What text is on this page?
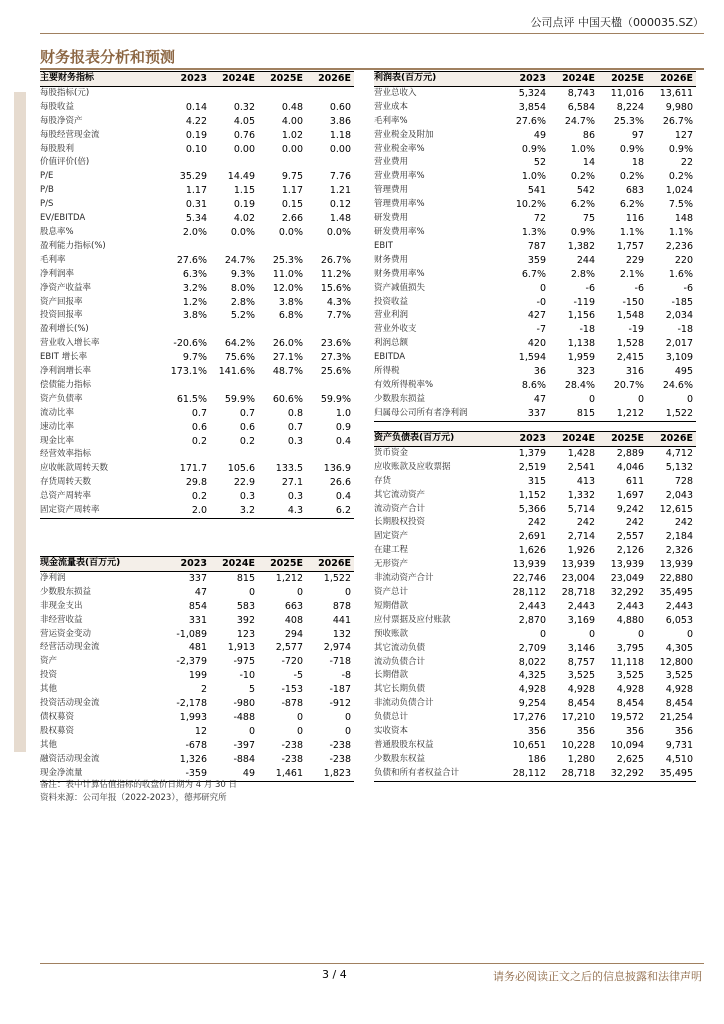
公司点评 中国天楹（000035.SZ）
财务报表分析和预测
主要财务指标	2023	2024E	2025E	2026E
每股指标(元)				
每股收益	0.14	0.32	0.48	0.60
每股净资产	4.22	4.05	4.00	3.86
每股经营现金流	0.19	0.76	1.02	1.18
每股股利	0.10	0.00	0.00	0.00
价值评价(倍)				
P/E	35.29	14.49	9.75	7.76
P/B	1.17	1.15	1.17	1.21
P/S	0.31	0.19	0.15	0.12
EV/EBITDA	5.34	4.02	2.66	1.48
股息率%	2.0%	0.0%	0.0%	0.0%
盈利能力指标(%)				
毛利率	27.6%	24.7%	25.3%	26.7%
净利润率	6.3%	9.3%	11.0%	11.2%
净资产收益率	3.2%	8.0%	12.0%	15.6%
资产回报率	1.2%	2.8%	3.8%	4.3%
投资回报率	3.8%	5.2%	6.8%	7.7%
盈利增长(%)				
营业收入增长率	-20.6%	64.2%	26.0%	23.6%
EBIT 增长率	9.7%	75.6%	27.1%	27.3%
净利润增长率	173.1%	141.6%	48.7%	25.6%
偿债能力指标				
资产负债率	61.5%	59.9%	60.6%	59.9%
流动比率	0.7	0.7	0.8	1.0
速动比率	0.6	0.6	0.7	0.9
现金比率	0.2	0.2	0.3	0.4
经营效率指标				
应收帐款周转天数	171.7	105.6	133.5	136.9
存货周转天数	29.8	22.9	27.1	26.6
总资产周转率	0.2	0.3	0.3	0.4
固定资产周转率	2.0	3.2	4.3	6.2
利润表(百万元)	2023	2024E	2025E	2026E
营业总收入	5,324	8,743	11,016	13,611
营业成本	3,854	6,584	8,224	9,980
毛利率%	27.6%	24.7%	25.3%	26.7%
营业税金及附加	49	86	97	127
营业税金率%	0.9%	1.0%	0.9%	0.9%
营业费用	52	14	18	22
营业费用率%	1.0%	0.2%	0.2%	0.2%
管理费用	541	542	683	1,024
管理费用率%	10.2%	6.2%	6.2%	7.5%
研发费用	72	75	116	148
研发费用率%	1.3%	0.9%	1.1%	1.1%
EBIT	787	1,382	1,757	2,236
财务费用	359	244	229	220
财务费用率%	6.7%	2.8%	2.1%	1.6%
资产减值损失	0	-6	-6	-6
投资收益	-0	-119	-150	-185
营业利润	427	1,156	1,548	2,034
营业外收支	-7	-18	-19	-18
利润总额	420	1,138	1,528	2,017
EBITDA	1,594	1,959	2,415	3,109
所得税	36	323	316	495
有效所得税率%	8.6%	28.4%	20.7%	24.6%
少数股东损益	47	0	0	0
归属母公司所有者净利润	337	815	1,212	1,522
现金流量表(百万元)	2023	2024E	2025E	2026E
净利润	337	815	1,212	1,522
少数股东损益	47	0	0	0
非现金支出	854	583	663	878
非经营收益	331	392	408	441
营运资金变动	-1,089	123	294	132
经营活动现金流	481	1,913	2,577	2,974
资产	-2,379	-975	-720	-718
投资	199	-10	-5	-8
其他	2	5	-153	-187
投资活动现金流	-2,178	-980	-878	-912
债权募资	1,993	-488	0	0
股权募资	12	0	0	0
其他	-678	-397	-238	-238
融资活动现金流	1,326	-884	-238	-238
现金净流量	-359	49	1,461	1,823
资产负债表(百万元)	2023	2024E	2025E	2026E
货币资金	1,379	1,428	2,889	4,712
应收账款及应收票据	2,519	2,541	4,046	5,132
存货	315	413	611	728
其它流动资产	1,152	1,332	1,697	2,043
流动资产合计	5,366	5,714	9,242	12,615
长期股权投资	242	242	242	242
固定资产	2,691	2,714	2,557	2,184
在建工程	1,626	1,926	2,126	2,326
无形资产	13,939	13,939	13,939	13,939
非流动资产合计	22,746	23,004	23,049	22,880
资产总计	28,112	28,718	32,292	35,495
短期借款	2,443	2,443	2,443	2,443
应付票据及应付账款	2,870	3,169	4,880	6,053
预收账款	0	0	0	0
其它流动负债	2,709	3,146	3,795	4,305
流动负债合计	8,022	8,757	11,118	12,800
长期借款	4,325	3,525	3,525	3,525
其它长期负债	4,928	4,928	4,928	4,928
非流动负债合计	9,254	8,454	8,454	8,454
负债总计	17,276	17,210	19,572	21,254
实收资本	356	356	356	356
普通股股东权益	10,651	10,228	10,094	9,731
少数股东权益	186	1,280	2,625	4,510
负债和所有者权益合计	28,112	28,718	32,292	35,495
备注：表中计算估值指标的收盘价日期为 4 月 30 日
资料来源：公司年报（2022-2023），德邦研究所
3 / 4	请务必阅读正文之后的信息披露和法律声明
